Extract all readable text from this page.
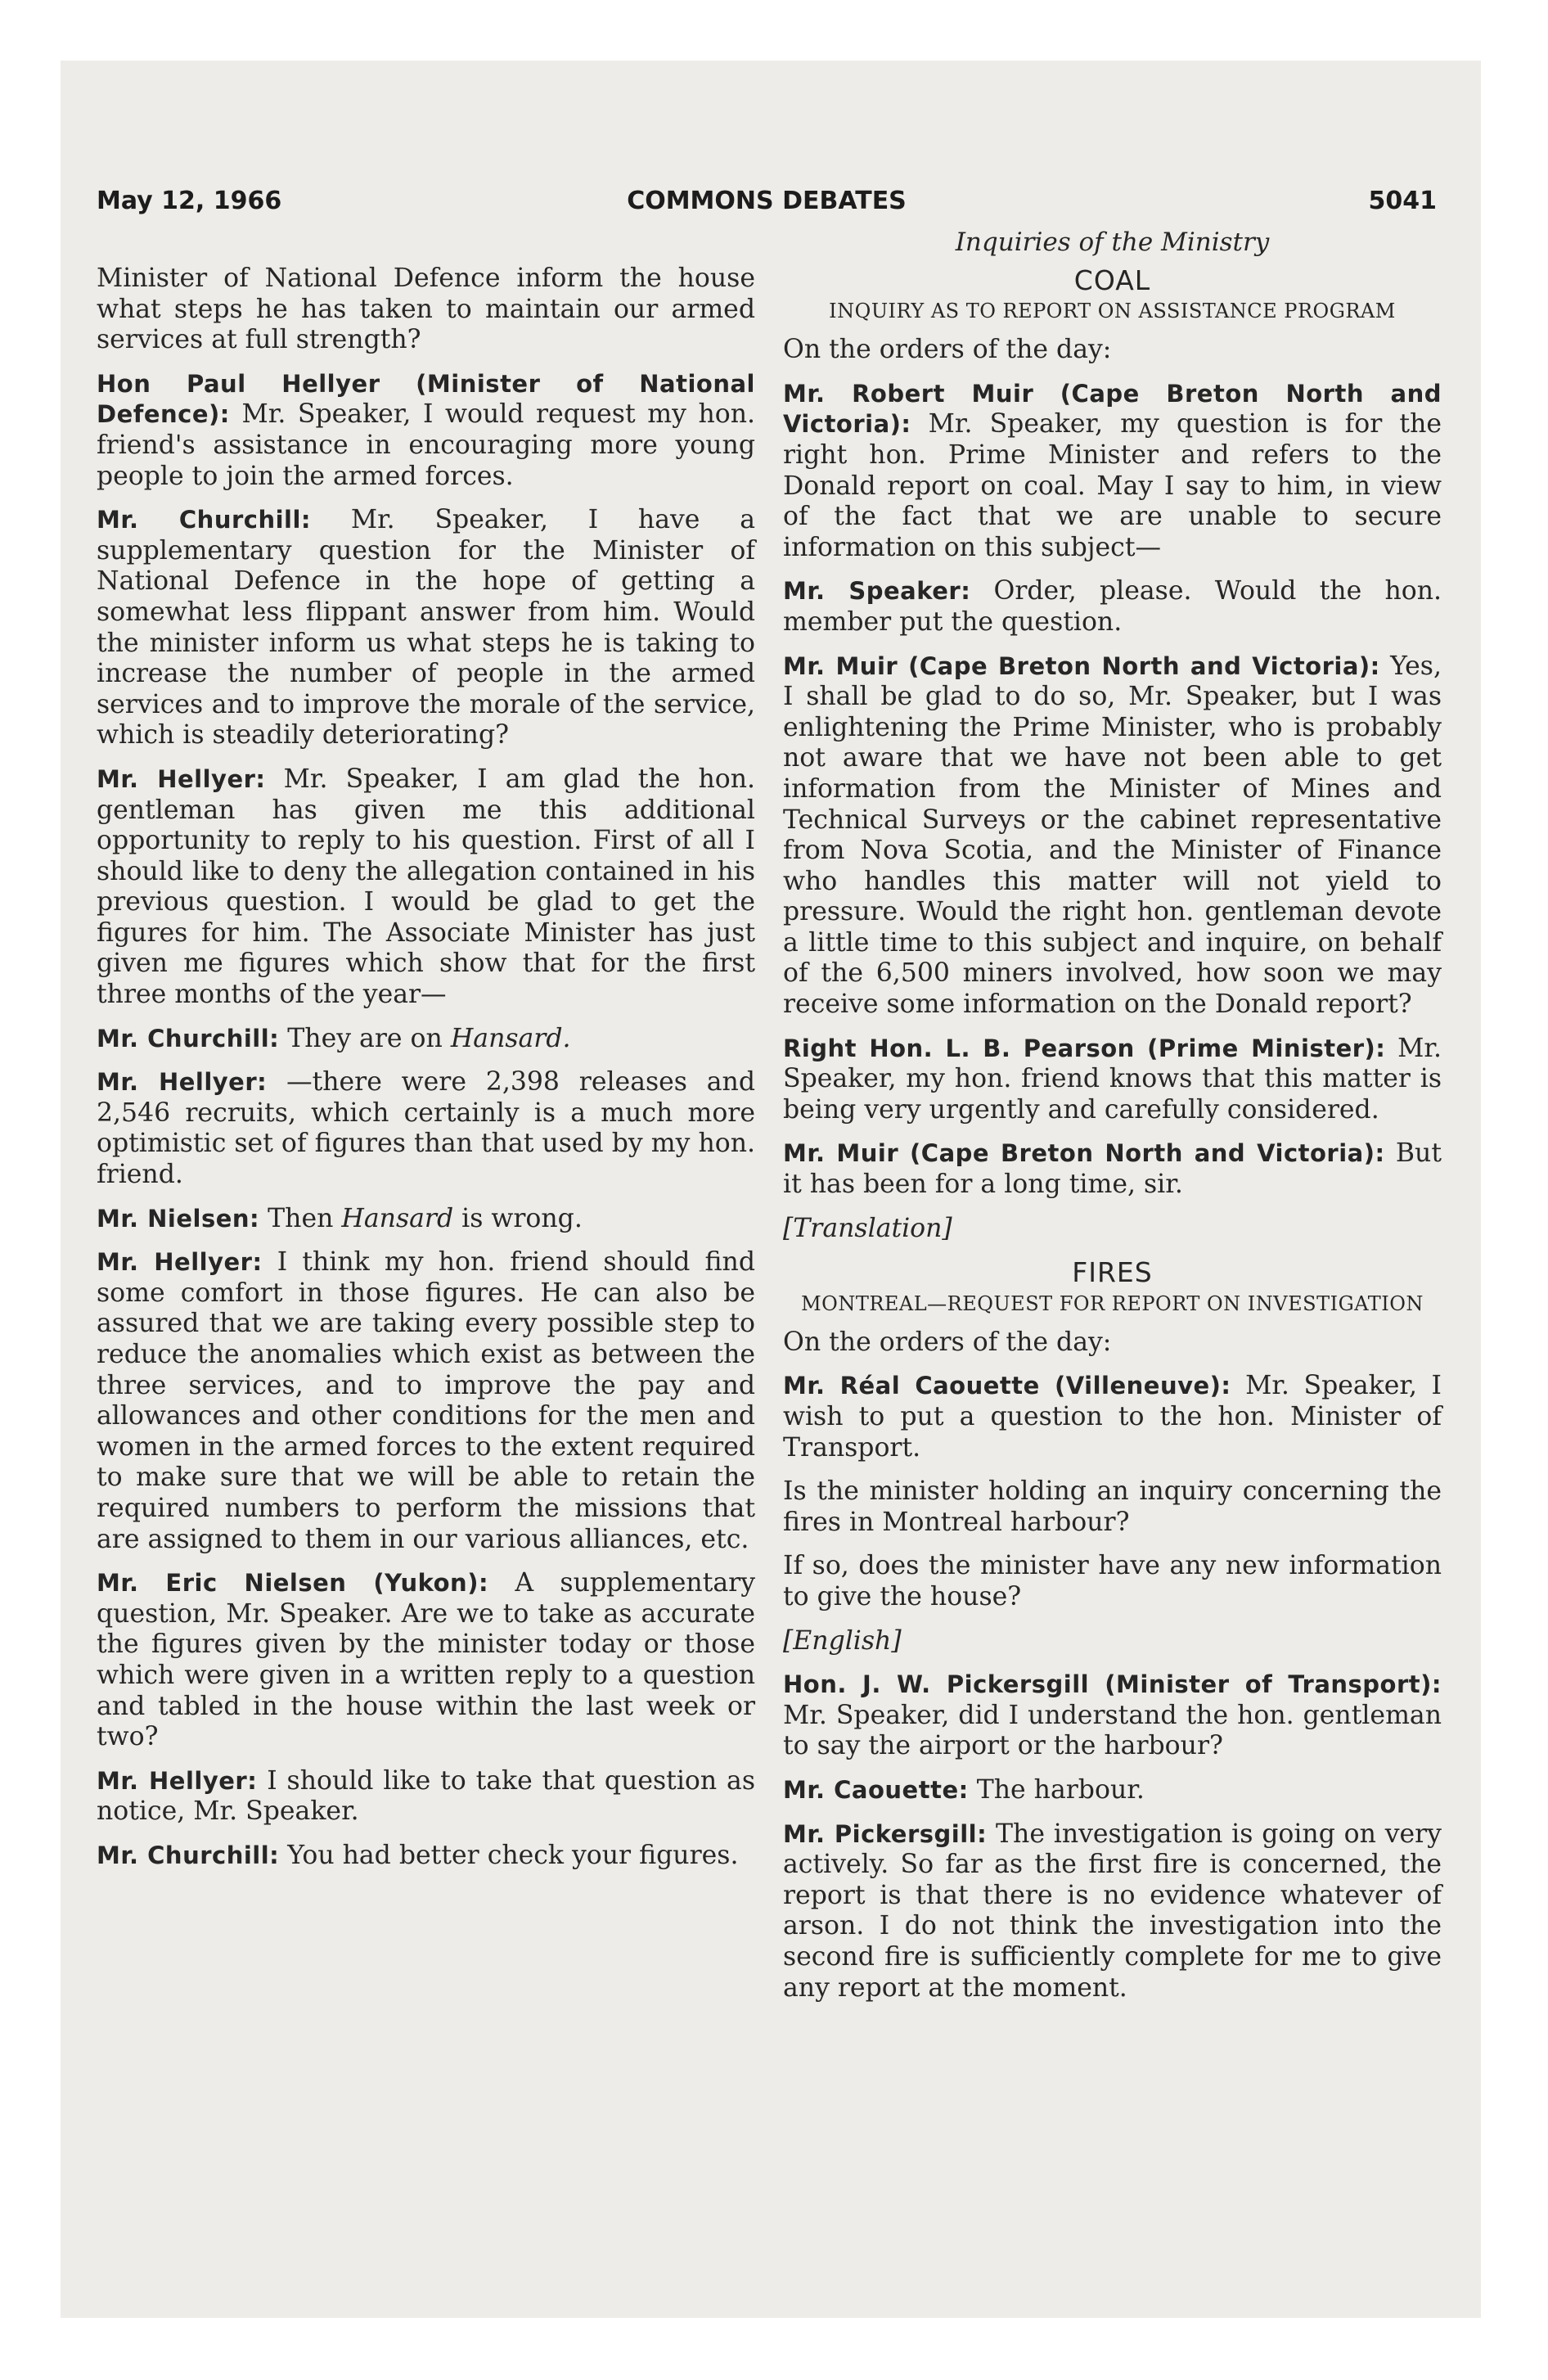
May 12, 1966	COMMONS DEBATES	5041

Minister of National Defence inform the house what steps he has taken to maintain our armed services at full strength?

Hon Paul Hellyer (Minister of National Defence): Mr. Speaker, I would request my hon. friend's assistance in encouraging more young people to join the armed forces.

Mr. Churchill: Mr. Speaker, I have a supplementary question for the Minister of National Defence in the hope of getting a somewhat less flippant answer from him. Would the minister inform us what steps he is taking to increase the number of people in the armed services and to improve the morale of the service, which is steadily deteriorating?

Mr. Hellyer: Mr. Speaker, I am glad the hon. gentleman has given me this additional opportunity to reply to his question. First of all I should like to deny the allegation contained in his previous question. I would be glad to get the figures for him. The Associate Minister has just given me figures which show that for the first three months of the year—

Mr. Churchill: They are on Hansard.

Mr. Hellyer: —there were 2,398 releases and 2,546 recruits, which certainly is a much more optimistic set of figures than that used by my hon. friend.

Mr. Nielsen: Then Hansard is wrong.

Mr. Hellyer: I think my hon. friend should find some comfort in those figures. He can also be assured that we are taking every possible step to reduce the anomalies which exist as between the three services, and to improve the pay and allowances and other conditions for the men and women in the armed forces to the extent required to make sure that we will be able to retain the required numbers to perform the missions that are assigned to them in our various alliances, etc.

Mr. Eric Nielsen (Yukon): A supplementary question, Mr. Speaker. Are we to take as accurate the figures given by the minister today or those which were given in a written reply to a question and tabled in the house within the last week or two?

Mr. Hellyer: I should like to take that question as notice, Mr. Speaker.

Mr. Churchill: You had better check your figures.

Inquiries of the Ministry
COAL
INQUIRY AS TO REPORT ON ASSISTANCE PROGRAM

On the orders of the day:

Mr. Robert Muir (Cape Breton North and Victoria): Mr. Speaker, my question is for the right hon. Prime Minister and refers to the Donald report on coal. May I say to him, in view of the fact that we are unable to secure information on this subject—

Mr. Speaker: Order, please. Would the hon. member put the question.

Mr. Muir (Cape Breton North and Victoria): Yes, I shall be glad to do so, Mr. Speaker, but I was enlightening the Prime Minister, who is probably not aware that we have not been able to get information from the Minister of Mines and Technical Surveys or the cabinet representative from Nova Scotia, and the Minister of Finance who handles this matter will not yield to pressure. Would the right hon. gentleman devote a little time to this subject and inquire, on behalf of the 6,500 miners involved, how soon we may receive some information on the Donald report?

Right Hon. L. B. Pearson (Prime Minister): Mr. Speaker, my hon. friend knows that this matter is being very urgently and carefully considered.

Mr. Muir (Cape Breton North and Victoria): But it has been for a long time, sir.

[Translation]

FIRES
MONTREAL—REQUEST FOR REPORT ON INVESTIGATION

On the orders of the day:

Mr. Réal Caouette (Villeneuve): Mr. Speaker, I wish to put a question to the hon. Minister of Transport.

Is the minister holding an inquiry concerning the fires in Montreal harbour?

If so, does the minister have any new information to give the house?

[English]

Hon. J. W. Pickersgill (Minister of Transport): Mr. Speaker, did I understand the hon. gentleman to say the airport or the harbour?

Mr. Caouette: The harbour.

Mr. Pickersgill: The investigation is going on very actively. So far as the first fire is concerned, the report is that there is no evidence whatever of arson. I do not think the investigation into the second fire is sufficiently complete for me to give any report at the moment.
